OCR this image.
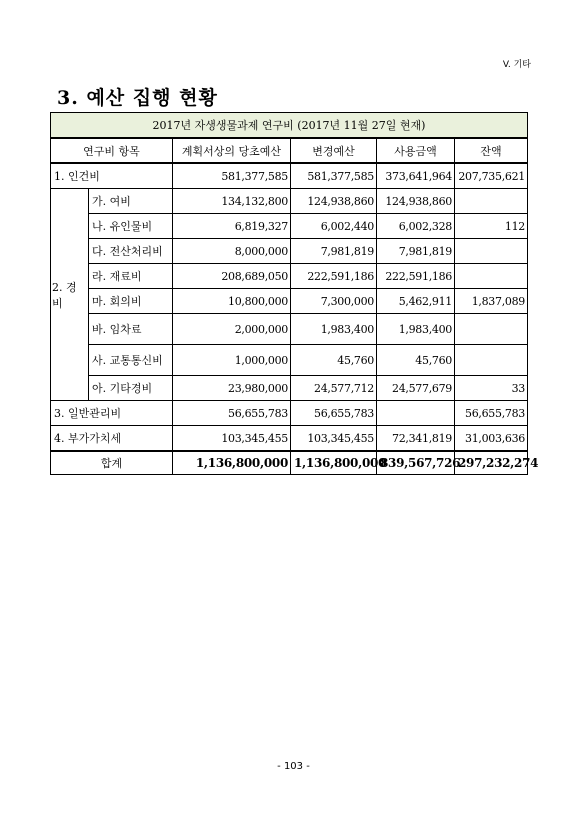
V. 기타
3. 예산 집행 현황
2017년 자생생물과제 연구비 (2017년 11월 27일 현재)					
연구비 항목		계획서상의 당초예산	변경예산	사용금액	잔액
1. 인건비		581,377,585	581,377,585	373,641,964	207,735,621
2. 경비	가. 여비	134,132,800	124,938,860	124,938,860	
	나. 유인물비	6,819,327	6,002,440	6,002,328	112
	다. 전산처리비	8,000,000	7,981,819	7,981,819	
	라. 재료비	208,689,050	222,591,186	222,591,186	
	마. 회의비	10,800,000	7,300,000	5,462,911	1,837,089
	바. 임차료	2,000,000	1,983,400	1,983,400	
	사. 교통통신비	1,000,000	45,760	45,760	
	아. 기타경비	23,980,000	24,577,712	24,577,679	33
3. 일반관리비		56,655,783	56,655,783		56,655,783
4. 부가가치세		103,345,455	103,345,455	72,341,819	31,003,636
합계		1,136,800,000	1,136,800,000	839,567,726	297,232,274
- 103 -
